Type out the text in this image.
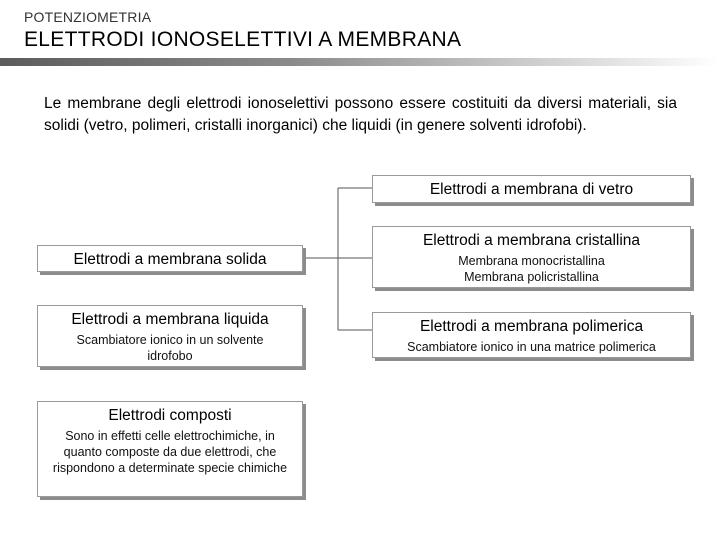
POTENZIOMETRIA
ELETTRODI IONOSELETTIVI A MEMBRANA

Le membrane degli elettrodi ionoselettivi possono essere costituiti da diversi materiali, sia solidi (vetro, polimeri, cristalli inorganici) che liquidi (in genere solventi idrofobi).

Elettrodi a membrana di vetro
Elettrodi a membrana cristallina
Membrana monocristallina
Membrana policristallina
Elettrodi a membrana polimerica
Scambiatore ionico in una matrice polimerica
Elettrodi a membrana solida
Elettrodi a membrana liquida
Scambiatore ionico in un solvente idrofobo
Elettrodi composti
Sono in effetti celle elettrochimiche, in quanto composte da due elettrodi, che rispondono a determinate specie chimiche
